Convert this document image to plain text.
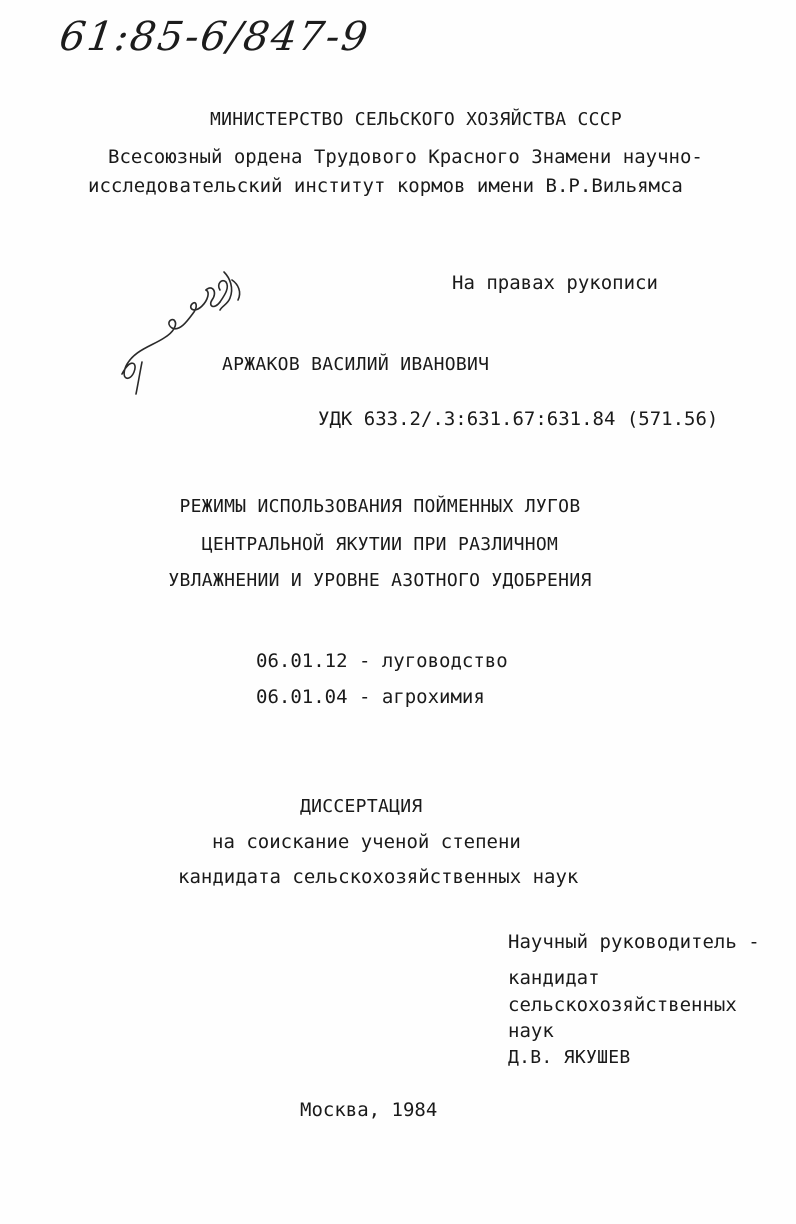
61:85-6/847-9
МИНИСТЕРСТВО СЕЛЬСКОГО ХОЗЯЙСТВА СССР
Всесоюзный ордена Трудового Красного Знамени научно-
исследовательский институт кормов имени В.Р.Вильямса
На правах рукописи
АРЖАКОВ ВАСИЛИЙ ИВАНОВИЧ
УДК 633.2/.3:631.67:631.84 (571.56)
РЕЖИМЫ ИСПОЛЬЗОВАНИЯ ПОЙМЕННЫХ ЛУГОВ
ЦЕНТРАЛЬНОЙ ЯКУТИИ ПРИ РАЗЛИЧНОМ
УВЛАЖНЕНИИ И УРОВНЕ АЗОТНОГО УДОБРЕНИЯ
06.01.12 - луговодство
06.01.04 - агрохимия
ДИССЕРТАЦИЯ
на соискание ученой степени
кандидата сельскохозяйственных наук
Научный руководитель -
кандидат
сельскохозяйственных
наук
Д.В. ЯКУШЕВ
Москва, 1984
